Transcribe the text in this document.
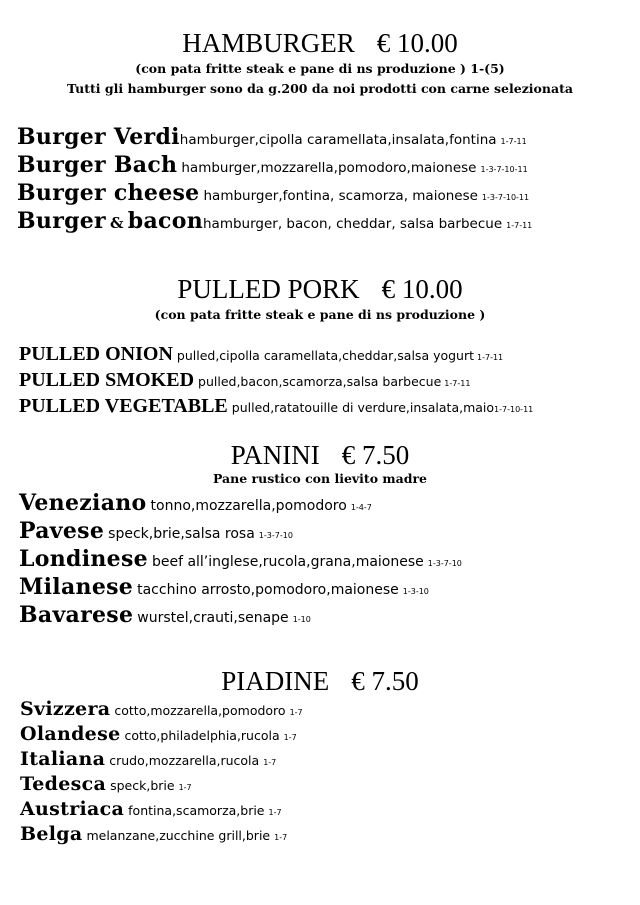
HAMBURGER € 10.00
(con pata fritte steak e pane di ns produzione ) 1-(5)
Tutti gli hamburger sono da g.200 da noi prodotti con carne selezionata
Burger Verdihamburger,cipolla caramellata,insalata,fontina 1-7-11
Burger Bach hamburger,mozzarella,pomodoro,maionese 1-3-7-10-11
Burger cheese hamburger,fontina, scamorza, maionese 1-3-7-10-11
Burger & baconhamburger, bacon, cheddar, salsa barbecue 1-7-11
PULLED PORK € 10.00
(con pata fritte steak e pane di ns produzione )
PULLED ONION pulled,cipolla caramellata,cheddar,salsa yogurt 1-7-11
PULLED SMOKED pulled,bacon,scamorza,salsa barbecue 1-7-11
PULLED VEGETABLE pulled,ratatouille di verdure,insalata,maio1-7-10-11
PANINI € 7.50
Pane rustico con lievito madre
Veneziano tonno,mozzarella,pomodoro 1-4-7
Pavese speck,brie,salsa rosa 1-3-7-10
Londinese beef all’inglese,rucola,grana,maionese 1-3-7-10
Milanese tacchino arrosto,pomodoro,maionese 1-3-10
Bavarese wurstel,crauti,senape 1-10
PIADINE € 7.50
Svizzera cotto,mozzarella,pomodoro 1-7
Olandese cotto,philadelphia,rucola 1-7
Italiana crudo,mozzarella,rucola 1-7
Tedesca speck,brie 1-7
Austriaca fontina,scamorza,brie 1-7
Belga melanzane,zucchine grill,brie 1-7
